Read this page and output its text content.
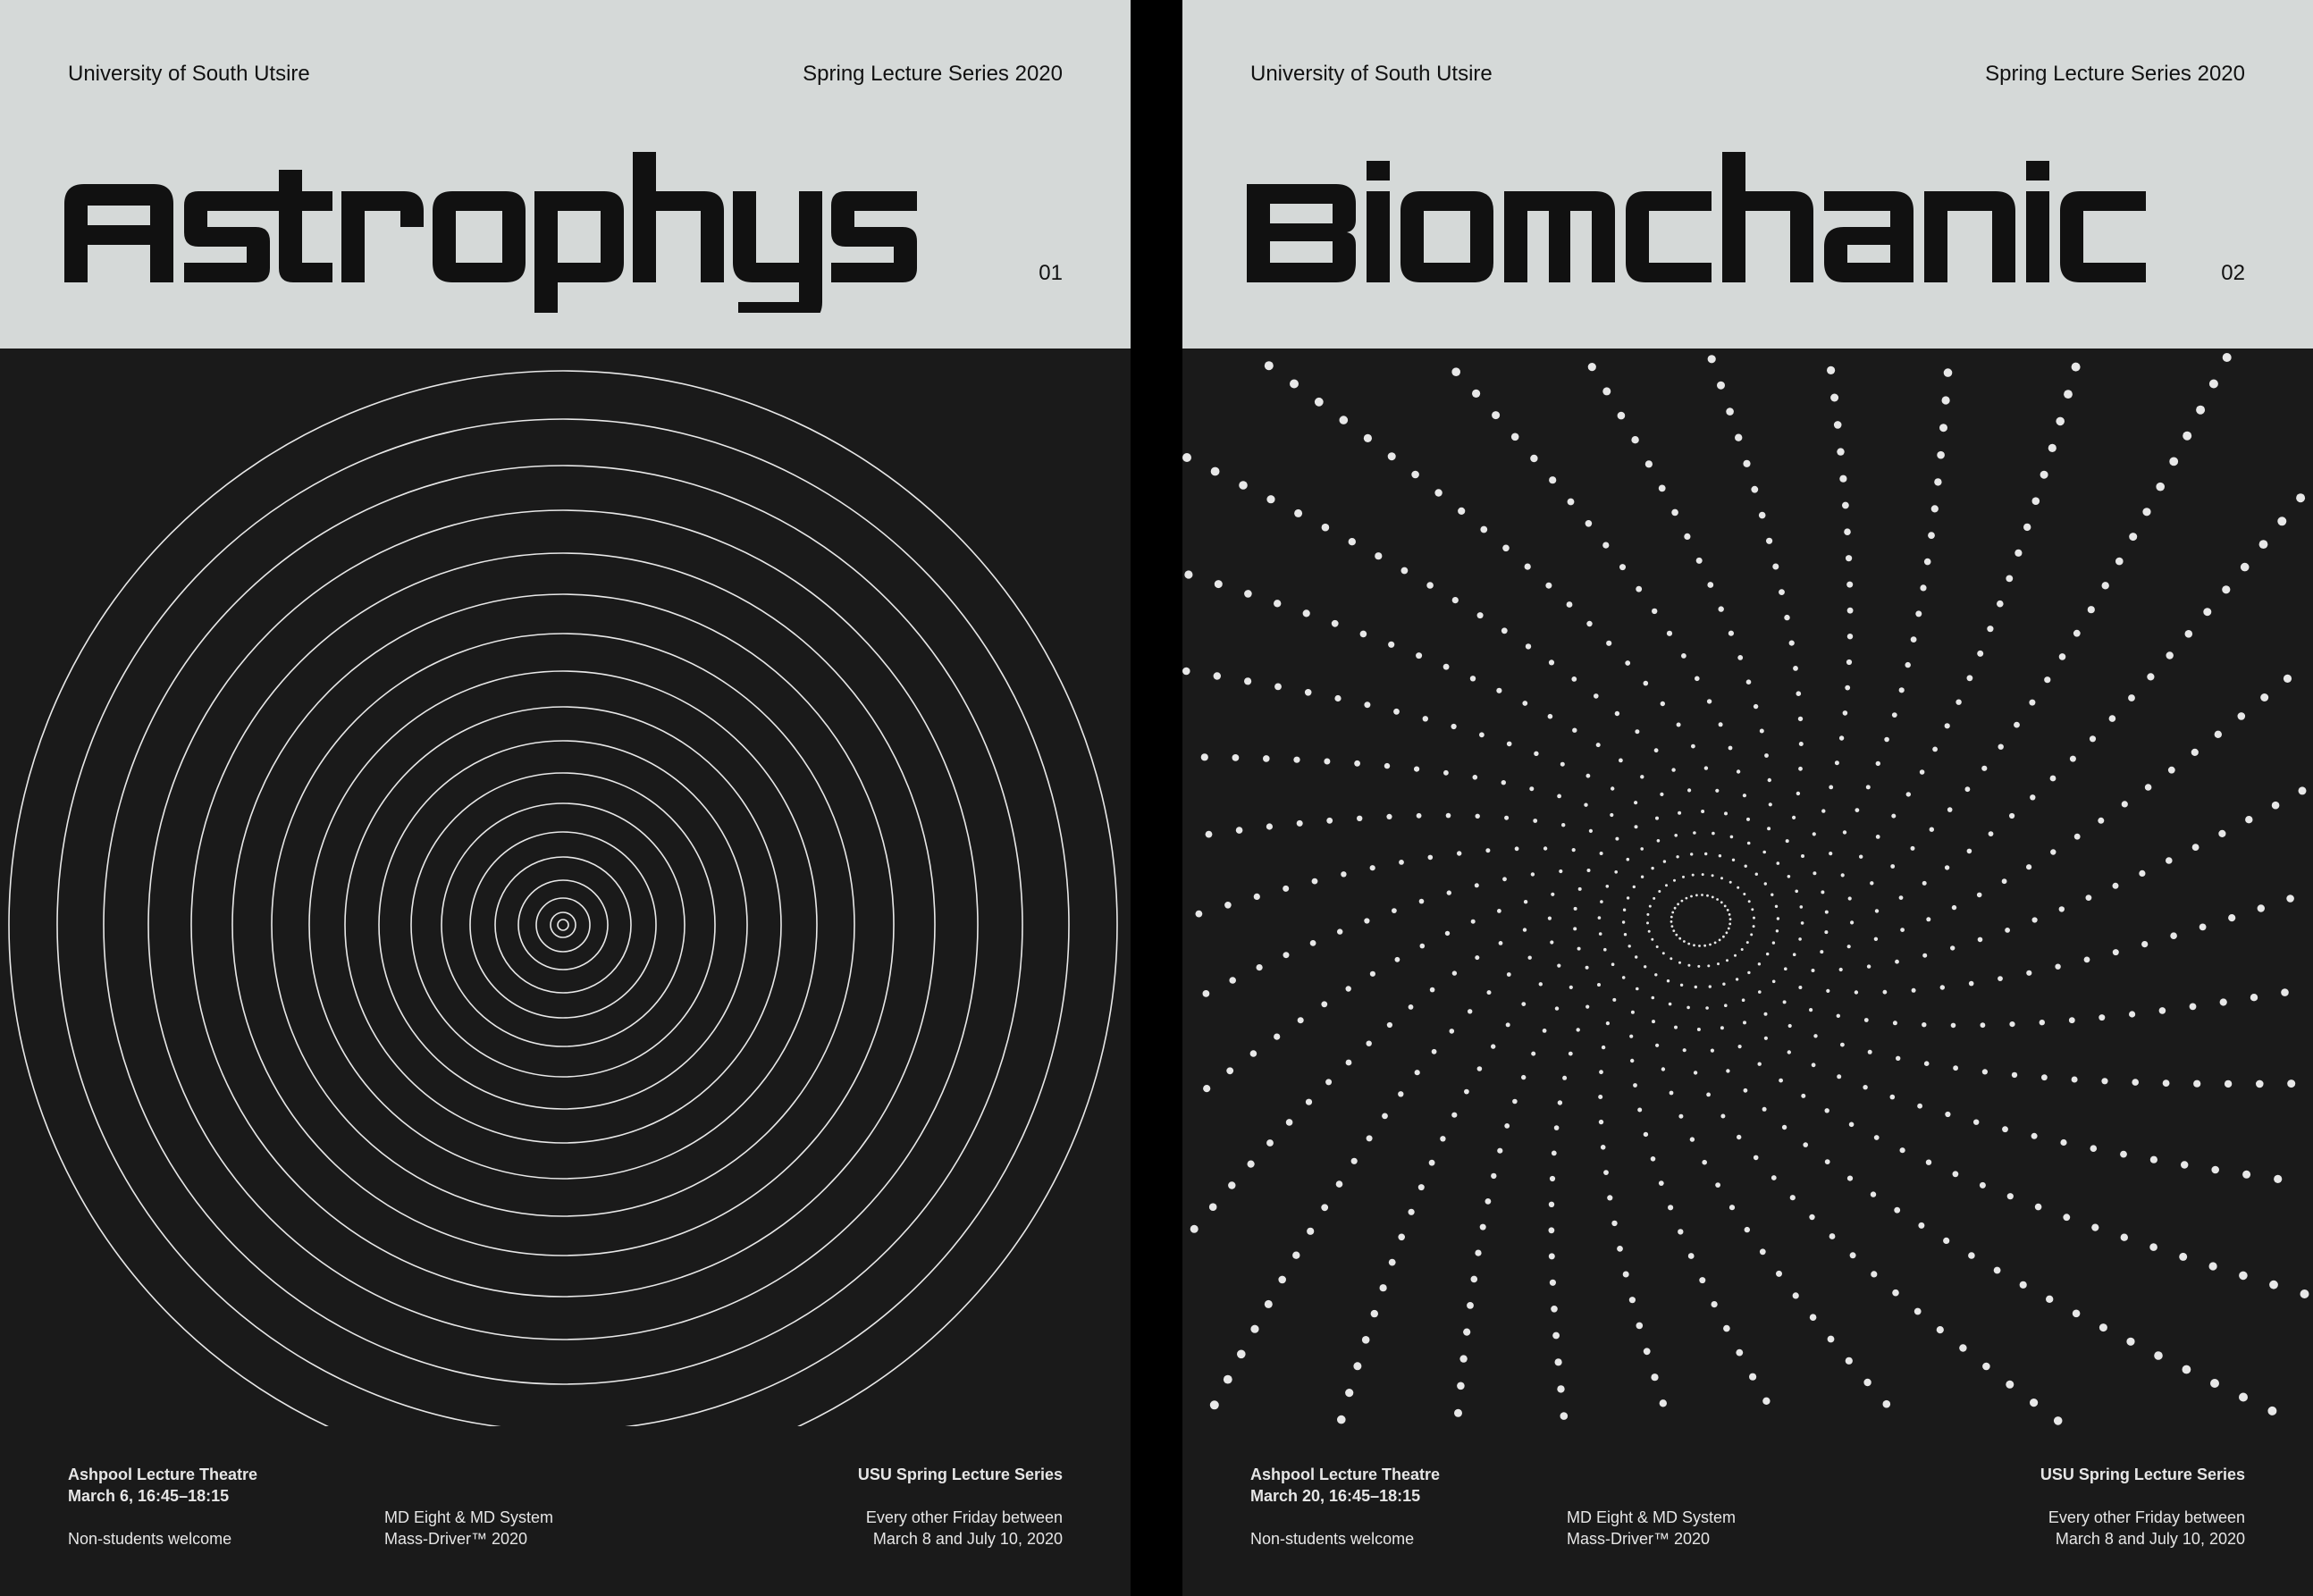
University of South Utsire	Spring Lecture Series 2020
01
Ashpool Lecture Theatre
March 6, 16:45–18:15
Non-students welcome
MD Eight & MD System
Mass-Driver™ 2020
USU Spring Lecture Series
Every other Friday between
March 8 and July 10, 2020
University of South Utsire	Spring Lecture Series 2020
02
Ashpool Lecture Theatre
March 20, 16:45–18:15
Non-students welcome
MD Eight & MD System
Mass-Driver™ 2020
USU Spring Lecture Series
Every other Friday between
March 8 and July 10, 2020
